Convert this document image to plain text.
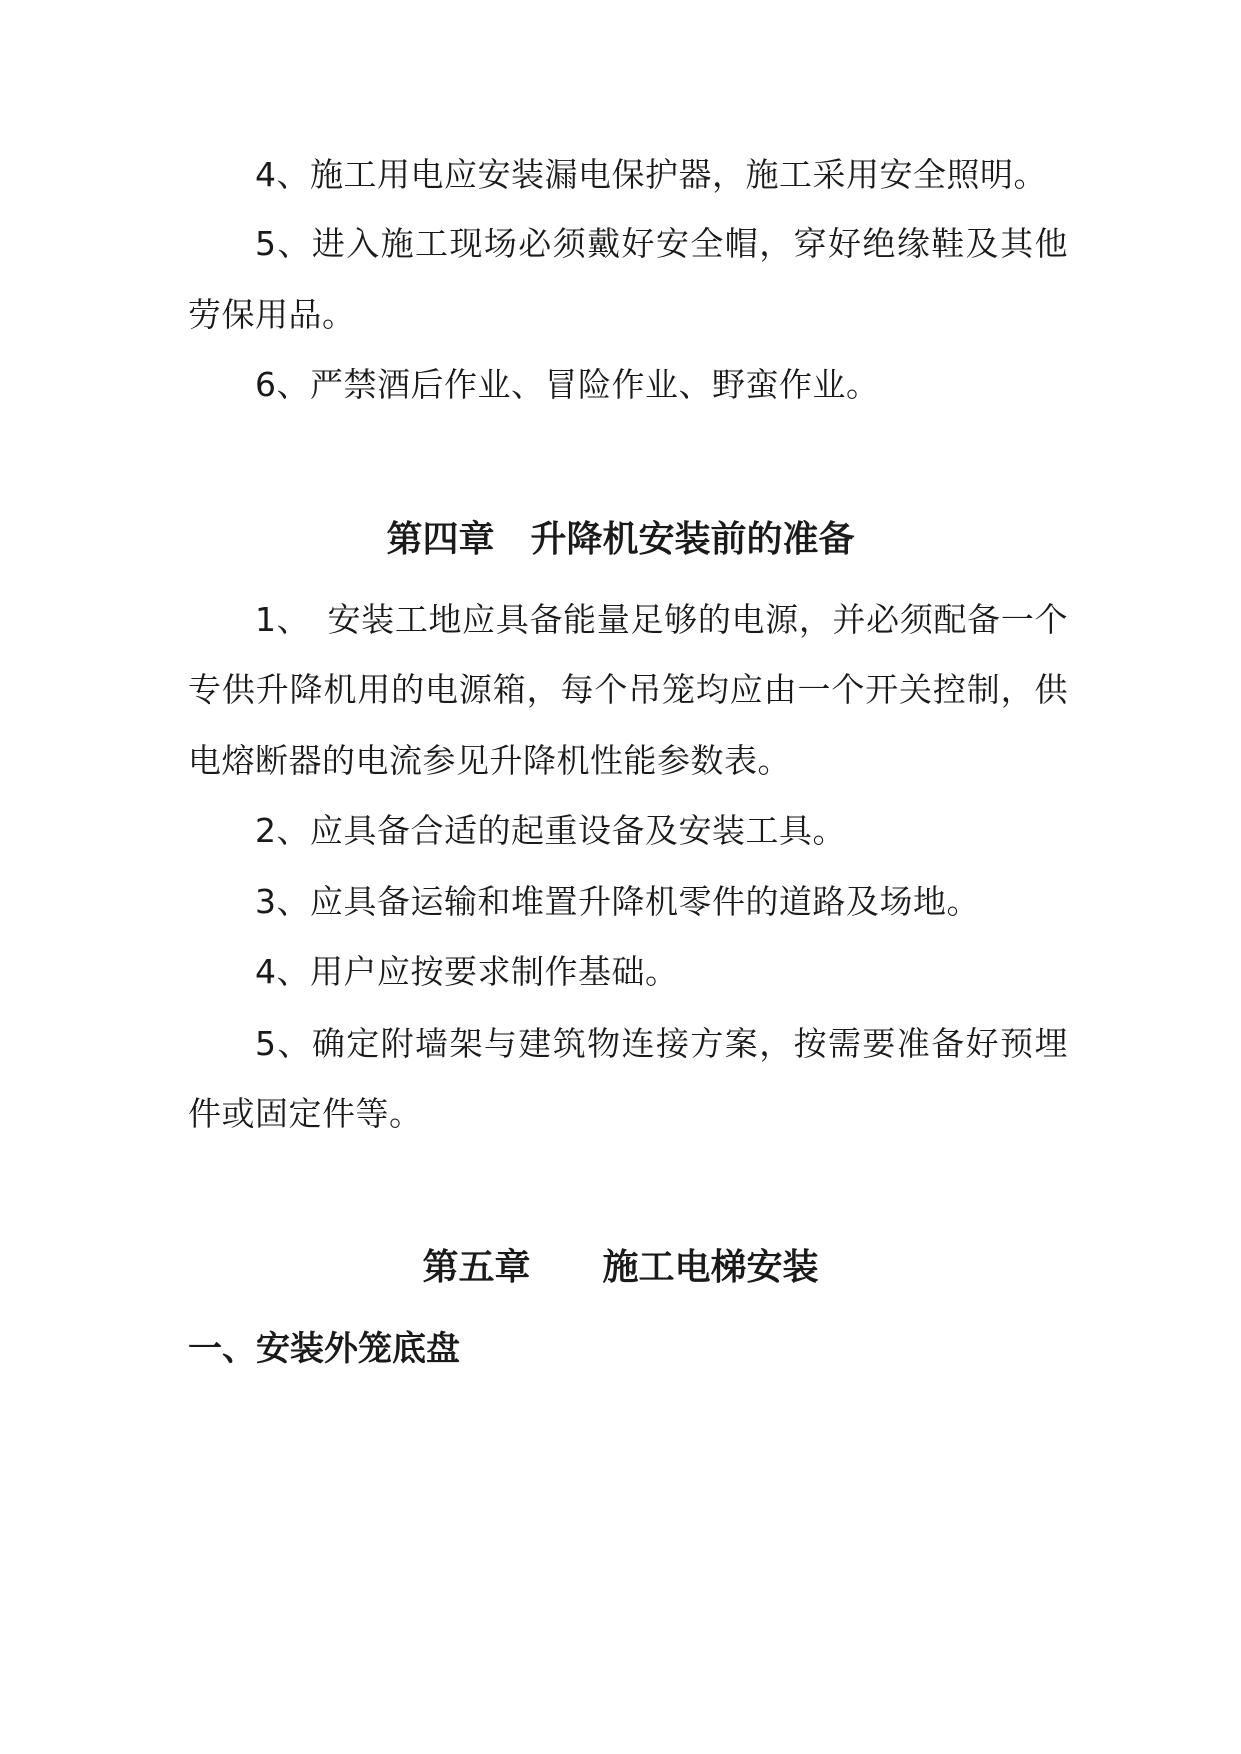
4、施工用电应安装漏电保护器，施工采用安全照明。
5、进入施工现场必须戴好安全帽，穿好绝缘鞋及其他
劳保用品。
6、严禁酒后作业、冒险作业、野蛮作业。
第四章　升降机安装前的准备
1、　安装工地应具备能量足够的电源，并必须配备一个
专供升降机用的电源箱，每个吊笼均应由一个开关控制，供
电熔断器的电流参见升降机性能参数表。
2、应具备合适的起重设备及安装工具。
3、应具备运输和堆置升降机零件的道路及场地。
4、用户应按要求制作基础。
5、确定附墙架与建筑物连接方案，按需要准备好预埋
件或固定件等。
第五章　　施工电梯安装
一、安装外笼底盘
